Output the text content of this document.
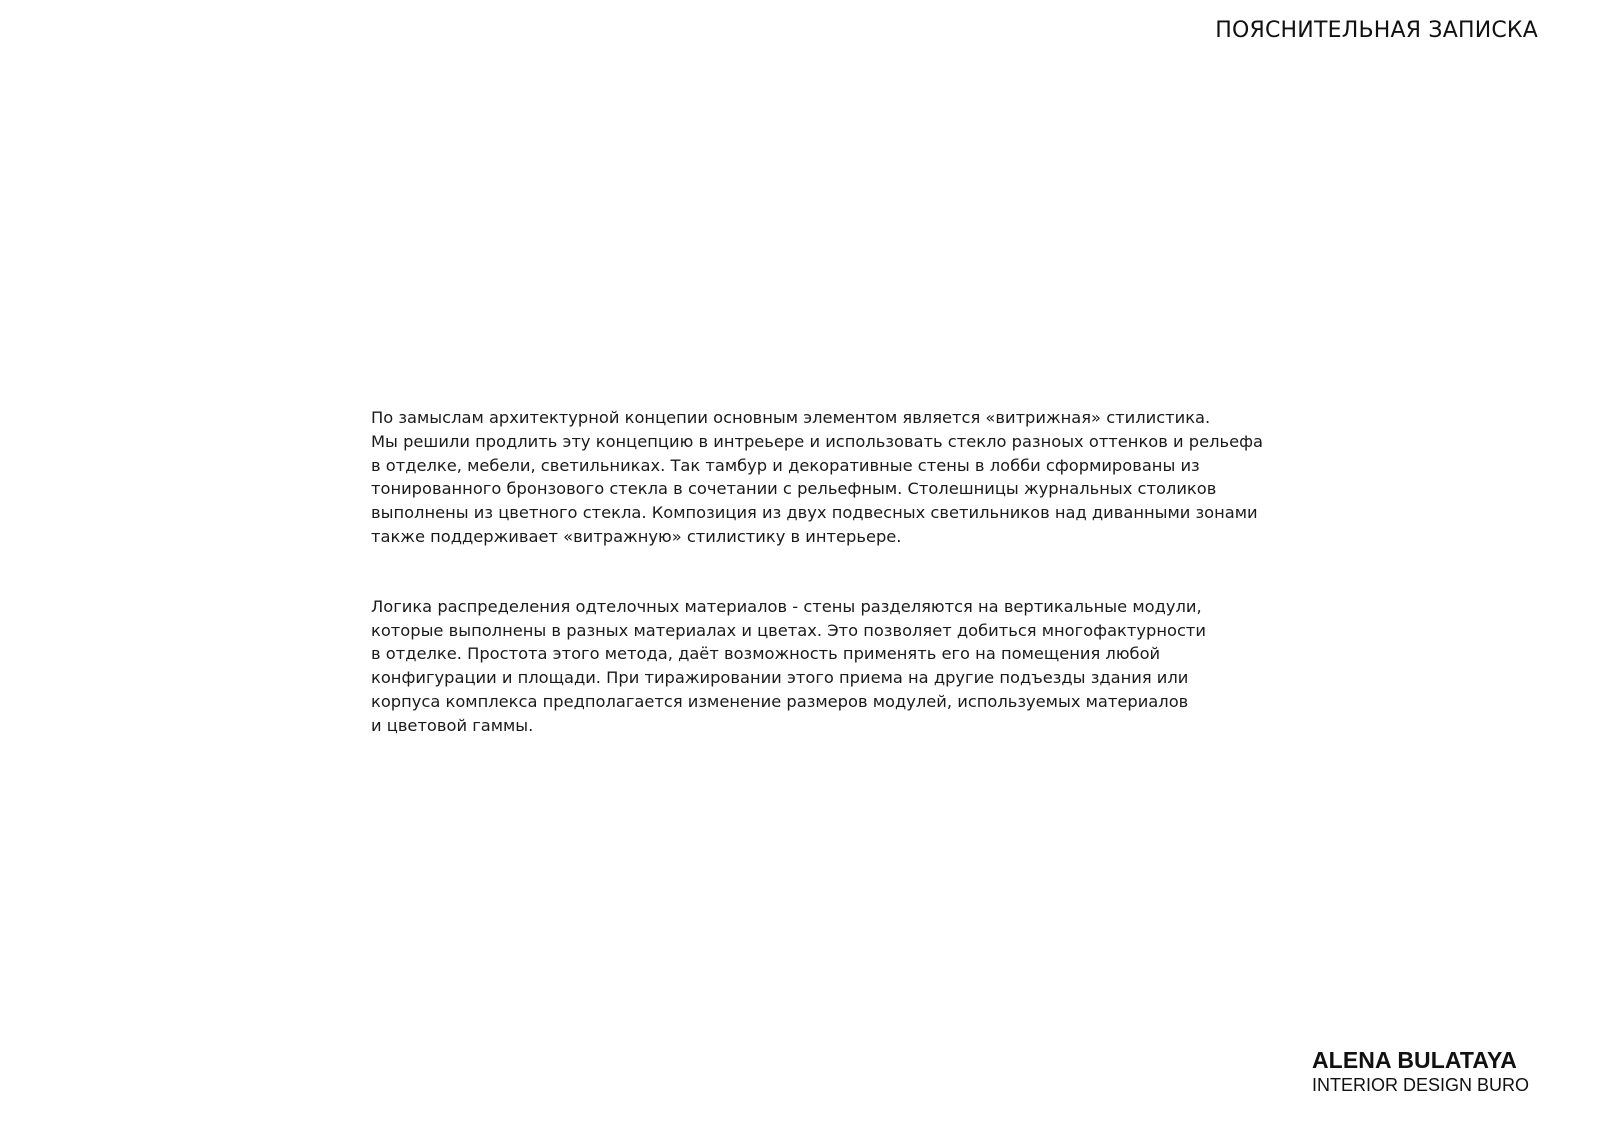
ПОЯСНИТЕЛЬНАЯ ЗАПИСКА

По замыслам архитектурной концепии основным элементом является «витрижная» стилистика.
Мы решили продлить эту концепцию в интреьере и использовать стекло разноых оттенков и рельефа
в отделке, мебели, светильниках. Так тамбур и декоративные стены в лобби сформированы из
тонированного бронзового стекла в сочетании с рельефным. Столешницы журнальных столиков
выполнены из цветного стекла. Композиция из двух подвесных светильников над диванными зонами
также поддерживает «витражную» стилистику в интерьере.

Логика распределения одтелочных материалов - стены разделяются на вертикальные модули,
которые выполнены в разных материалах и цветах. Это позволяет добиться многофактурности
в отделке. Простота этого метода, даёт возможность применять его на помещения любой
конфигурации и площади. При тиражировании этого приема на другие подъезды здания или
корпуса комплекса предполагается изменение размеров модулей, используемых материалов
и цветовой гаммы.

ALENA BULATAYA
INTERIOR DESIGN BURO
